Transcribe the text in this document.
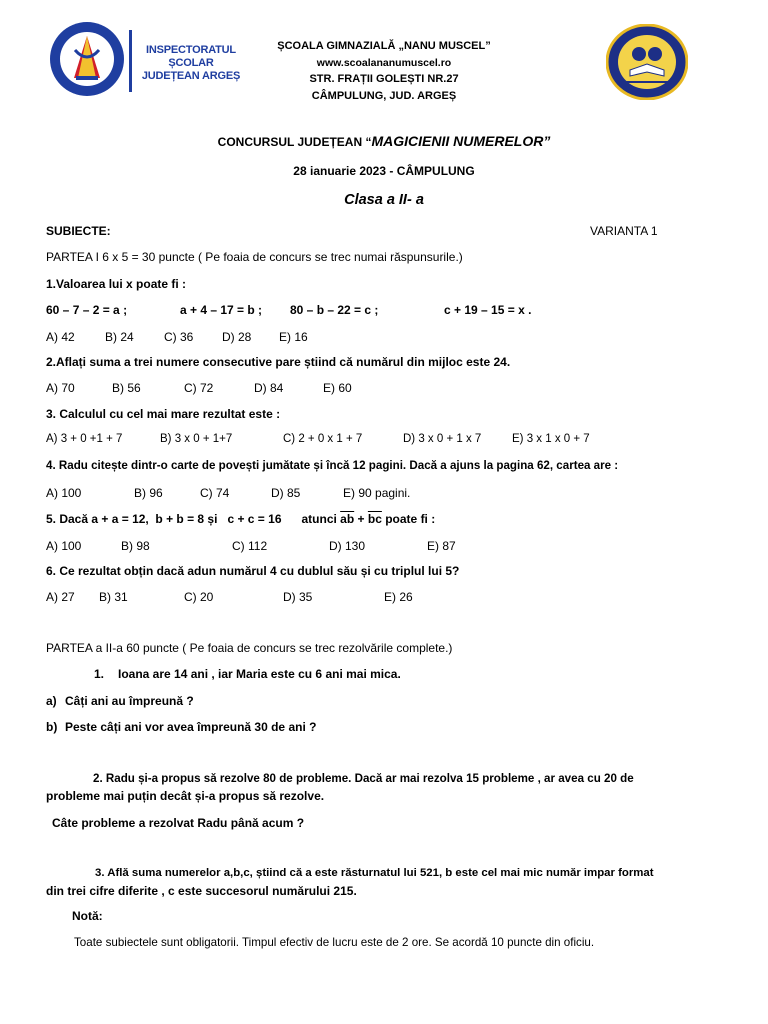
INSPECTORATUL ȘCOLAR
JUDEȚEAN ARGEȘ
ȘCOALA GIMNAZIALĂ „NANU MUSCEL”
www.scoalananumuscel.ro
STR. FRAȚII GOLEȘTI NR.27
CÂMPULUNG, JUD. ARGEȘ
CONCURSUL JUDEȚEAN “MAGICIENII NUMERELOR”
28 ianuarie 2023 - CÂMPULUNG
Clasa a II- a
SUBIECTE:	VARIANTA 1
PARTEA I 6 x 5 = 30 puncte ( Pe foaia de concurs se trec numai răspunsurile.)
1.Valoarea lui x poate fi :
60 – 7 – 2 = a ;	a + 4 – 17 = b ; 80 – b – 22 = c ;	c + 19 – 15 = x .
A) 42	B) 24	C) 36 D) 28 E) 16
2.Aflați suma a trei numere consecutive pare știind că numărul din mijloc este 24.
A) 70	B) 56	C) 72	D) 84	E) 60
3. Calculul cu cel mai mare rezultat este :
A) 3 + 0 +1 + 7	B) 3 x 0 + 1+7	C) 2 + 0 x 1 + 7	D) 3 x 0 + 1 x 7	E) 3 x 1 x 0 + 7
4. Radu citește dintr-o carte de povești jumătate și încă 12 pagini. Dacă a ajuns la pagina 62, cartea are :
A) 100	B) 96	C) 74	D) 85	E) 90 pagini.
5. Dacă a + a = 12,  b + b = 8 și   c + c = 16      atunci $\overline{ab} + \overline{bc}$ poate fi :
A) 100	B) 98	C) 112	D) 130	E) 87
6. Ce rezultat obțin dacă adun numărul 4 cu dublul său și cu triplul lui 5?
A) 27 B) 31	C) 20	D) 35	E) 26
PARTEA a II-a 60 puncte ( Pe foaia de concurs se trec rezolvările complete.)
1. Ioana are 14 ani , iar Maria este cu 6 ani mai mica.
a) Câți ani au împreună ?
b) Peste câți ani vor avea împreună 30 de ani ?
2. Radu și-a propus să rezolve 80 de probleme. Dacă ar mai rezolva 15 probleme , ar avea cu 20 de
probleme mai puțin decât și-a propus să rezolve.
Câte probleme a rezolvat Radu până acum ?
3. Află suma numerelor a,b,c, știind că a este răsturnatul lui 521, b este cel mai mic număr impar format
din trei cifre diferite , c este succesorul numărului 215.
Notă:
Toate subiectele sunt obligatorii. Timpul efectiv de lucru este de 2 ore. Se acordă 10 puncte din oficiu.
